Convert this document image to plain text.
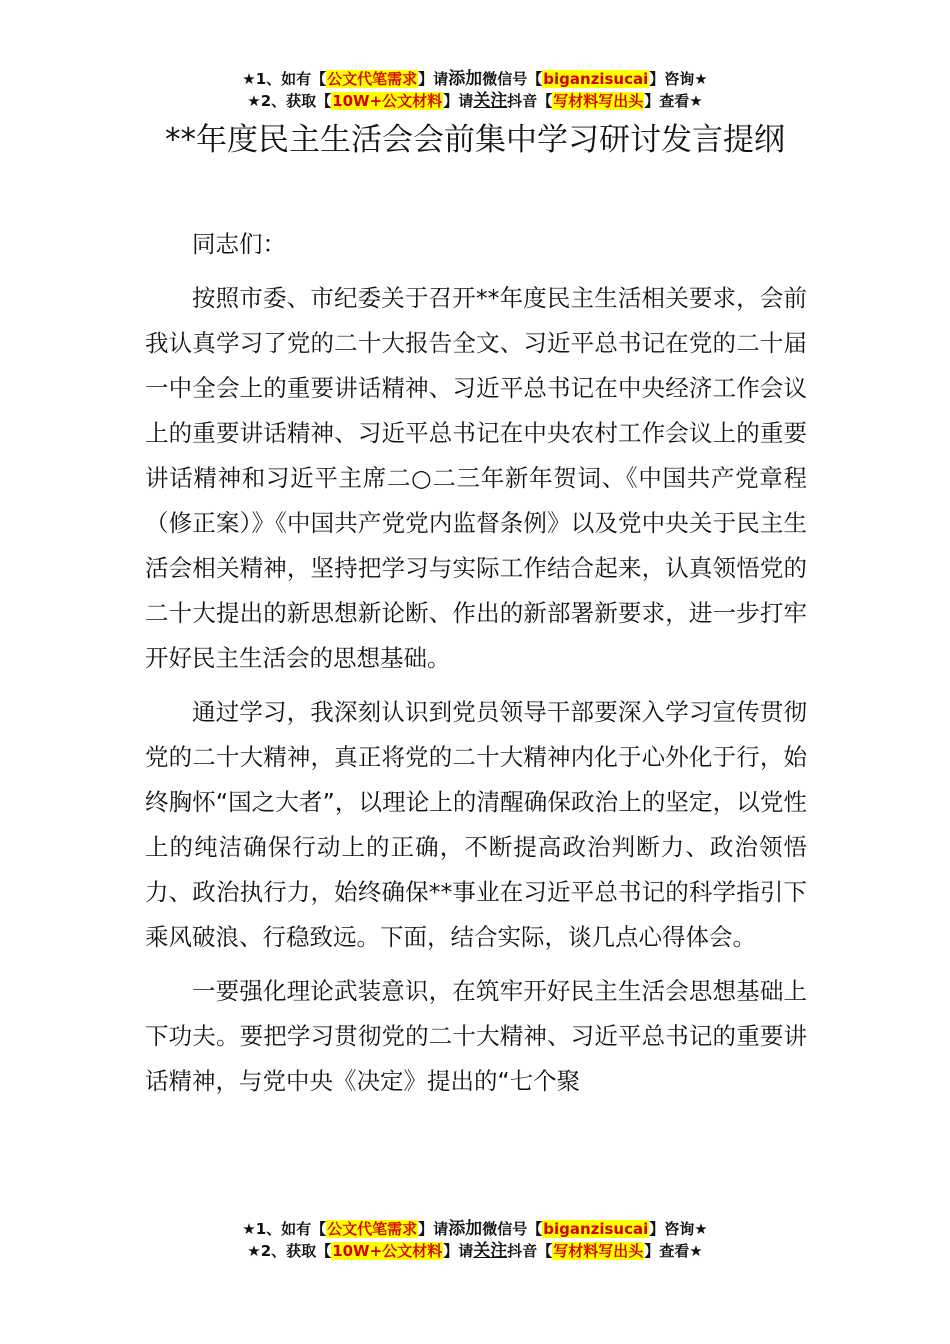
★1、如有【公文代笔需求】请添加微信号【biganzisucai】咨询★
★2、获取【10W+公文材料】请关注抖音【写材料写出头】查看★
**年度民主生活会会前集中学习研讨发言提纲

同志们：

按照市委、市纪委关于召开**年度民主生活相关要求，会前我认真学习了党的二十大报告全文、习近平总书记在党的二十届一中全会上的重要讲话精神、习近平总书记在中央经济工作会议上的重要讲话精神、习近平总书记在中央农村工作会议上的重要讲话精神和习近平主席二○二三年新年贺词、《中国共产党章程（修正案）》《中国共产党党内监督条例》以及党中央关于民主生活会相关精神，坚持把学习与实际工作结合起来，认真领悟党的二十大提出的新思想新论断、作出的新部署新要求，进一步打牢开好民主生活会的思想基础。

通过学习，我深刻认识到党员领导干部要深入学习宣传贯彻党的二十大精神，真正将党的二十大精神内化于心外化于行，始终胸怀“国之大者”，以理论上的清醒确保政治上的坚定，以党性上的纯洁确保行动上的正确，不断提高政治判断力、政治领悟力、政治执行力，始终确保**事业在习近平总书记的科学指引下乘风破浪、行稳致远。下面，结合实际，谈几点心得体会。

一要强化理论武装意识，在筑牢开好民主生活会思想基础上下功夫。要把学习贯彻党的二十大精神、习近平总书记的重要讲话精神，与党中央《决定》提出的“七个聚

★1、如有【公文代笔需求】请添加微信号【biganzisucai】咨询★
★2、获取【10W+公文材料】请关注抖音【写材料写出头】查看★
